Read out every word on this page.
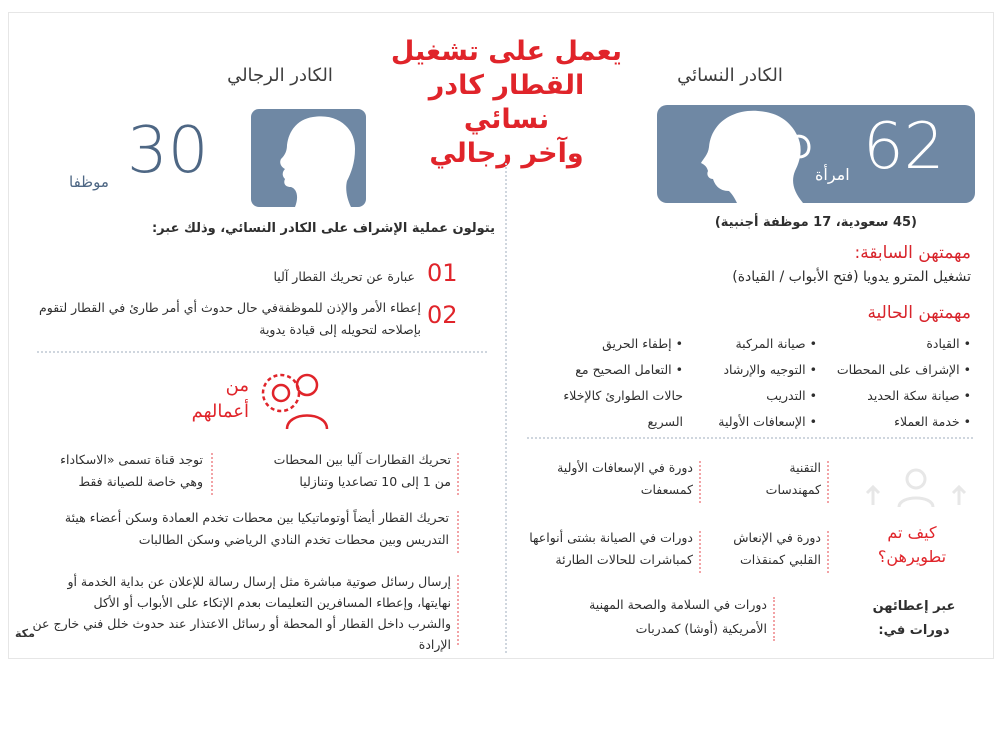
يعمل على تشغيل
القطار كادر نسائي
وآخر رجالي
الكادر النسائي
62
امرأة
(45 سعودية، 17 موظفة أجنبية)
مهمتهن السابقة:
تشغيل المترو يدويا (فتح الأبواب / القيادة)
مهمتهن الحالية
• القيادة
• الإشراف على المحطات
• صيانة سكة الحديد
• خدمة العملاء
• صيانة المركبة
• التوجيه والإرشاد
• التدريب
• الإسعافات الأولية
• إطفاء الحريق
• التعامل الصحيح مع
حالات الطوارئ كالإخلاء
السريع
كيف تم
تطويرهن؟
عبر إعطائهن
دورات في:
التقنية
كمهندسات
دورة في الإسعافات الأولية
كمسعفات
دورة في الإنعاش
القلبي كمنقذات
دورات في الصيانة بشتى أنواعها
كمباشرات للحالات الطارئة
دورات في السلامة والصحة المهنية
الأمريكية (أوشا) كمدربات
الكادر الرجالي
30
موظفا
يتولون عملية الإشراف على الكادر النسائي، وذلك عبر:
01
عبارة عن تحريك القطار آليا
02
إعطاء الأمر والإذن للموظفةفي حال حدوث أي أمر طارئ في القطار لتقوم
بإصلاحه لتحويله إلى قيادة يدوية
من
أعمالهم
تحريك القطارات آليا بين المحطات
من 1 إلى 10 تصاعديا وتنازليا
توجد قناة تسمى «الاسكاداء
وهي خاصة للصيانة فقط
تحريك القطار أيضاً أوتوماتيكيا بين محطات تخدم العمادة وسكن أعضاء هيئة
التدريس وبين محطات تخدم النادي الرياضي وسكن الطالبات
إرسال رسائل صوتية مباشرة مثل إرسال رسالة للإعلان عن بداية الخدمة أو
نهايتها، وإعطاء المسافرين التعليمات بعدم الإتكاء على الأبواب أو الأكل
والشرب داخل القطار أو المحطة أو رسائل الاعتذار عند حدوث خلل فني خارج عن
الإرادة
مكة
